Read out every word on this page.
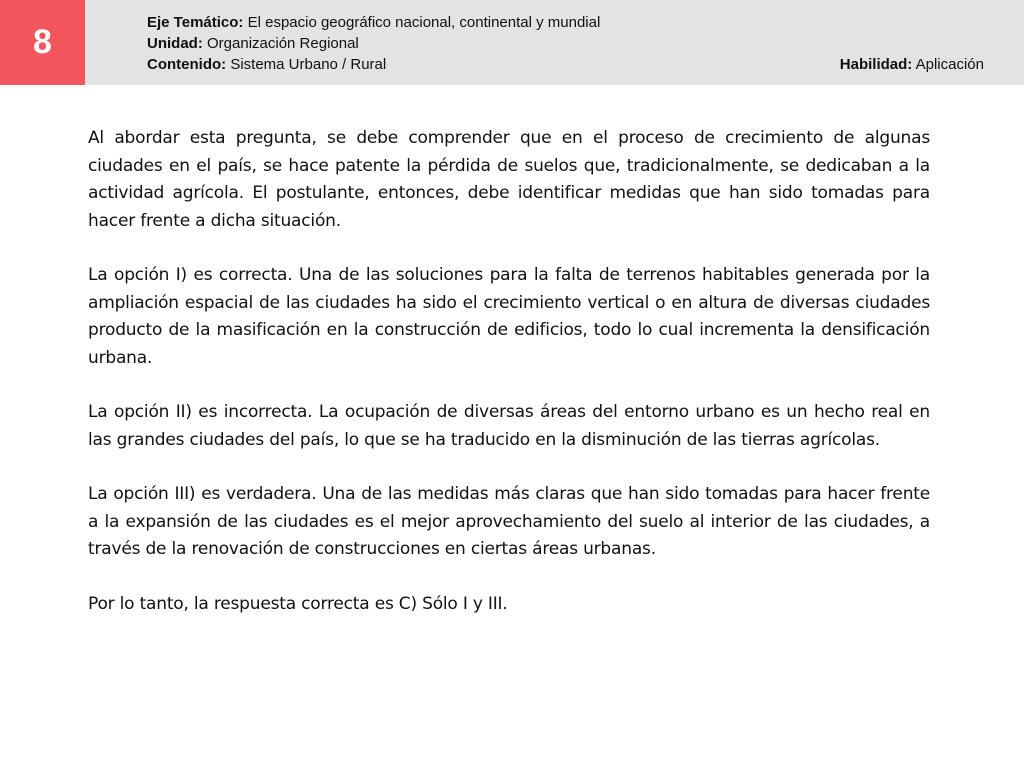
8
Eje Temático: El espacio geográfico nacional, continental y mundial
Unidad: Organización Regional
Contenido: Sistema Urbano / Rural	Habilidad: Aplicación

Al abordar esta pregunta, se debe comprender que en el proceso de crecimiento de algunas ciudades en el país, se hace patente la pérdida de suelos que, tradicionalmente, se dedicaban a la actividad agrícola. El postulante, entonces, debe identificar medidas que han sido tomadas para hacer frente a dicha situación.

La opción I) es correcta. Una de las soluciones para la falta de terrenos habitables generada por la ampliación espacial de las ciudades ha sido el crecimiento vertical o en altura de diversas ciudades producto de la masificación en la construcción de edificios, todo lo cual incrementa la densificación urbana.

La opción II) es incorrecta. La ocupación de diversas áreas del entorno urbano es un hecho real en las grandes ciudades del país, lo que se ha traducido en la disminución de las tierras agrícolas.

La opción III) es verdadera. Una de las medidas más claras que han sido tomadas para hacer frente a la expansión de las ciudades es el mejor aprovechamiento del suelo al interior de las ciudades, a través de la renovación de construcciones en ciertas áreas urbanas.

Por lo tanto, la respuesta correcta es C) Sólo I y III.
